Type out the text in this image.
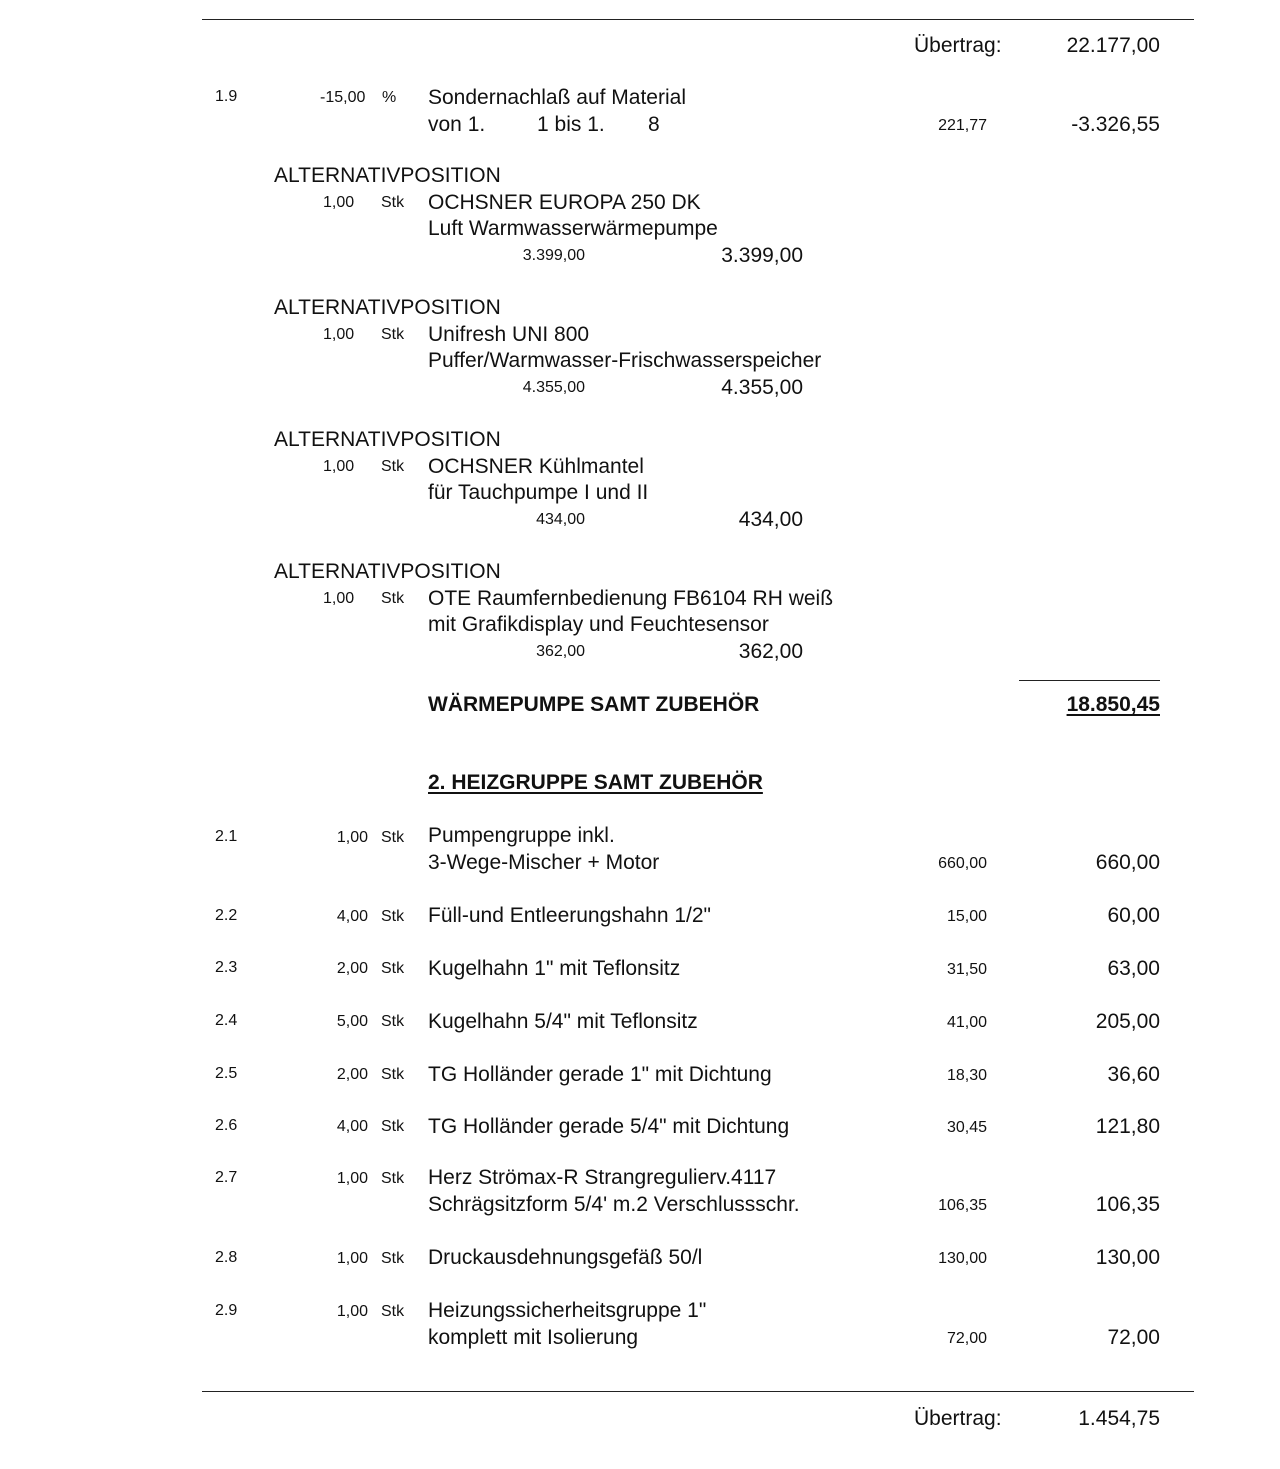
Übertrag:	22.177,00
1.9	-15,00 % Sondernachlaß auf Material
von 1. 1 bis 1. 8	221,77	-3.326,55
ALTERNATIVPOSITION
1,00 Stk OCHSNER EUROPA 250 DK
Luft Warmwasserwärmepumpe
3.399,00	3.399,00
ALTERNATIVPOSITION
1,00 Stk Unifresh UNI 800
Puffer/Warmwasser-Frischwasserspeicher
4.355,00	4.355,00
ALTERNATIVPOSITION
1,00 Stk OCHSNER Kühlmantel
für Tauchpumpe I und II
434,00	434,00
ALTERNATIVPOSITION
1,00 Stk OTE Raumfernbedienung FB6104 RH weiß
mit Grafikdisplay und Feuchtesensor
362,00	362,00
WÄRMEPUMPE SAMT ZUBEHÖR	18.850,45
2. HEIZGRUPPE SAMT ZUBEHÖR
2.1	1,00 Stk Pumpengruppe inkl.
3-Wege-Mischer + Motor	660,00	660,00
2.2	4,00 Stk Füll-und Entleerungshahn 1/2"	15,00	60,00
2.3	2,00 Stk Kugelhahn 1" mit Teflonsitz	31,50	63,00
2.4	5,00 Stk Kugelhahn 5/4" mit Teflonsitz	41,00	205,00
2.5	2,00 Stk TG Holländer gerade 1" mit Dichtung	18,30	36,60
2.6	4,00 Stk TG Holländer gerade 5/4" mit Dichtung	30,45	121,80
2.7	1,00 Stk Herz Strömax-R Strangregulierv.4117
Schrägsitzform 5/4' m.2 Verschlussschr.	106,35	106,35
2.8	1,00 Stk Druckausdehnungsgefäß 50/l	130,00	130,00
2.9	1,00 Stk Heizungssicherheitsgruppe 1"
komplett mit Isolierung	72,00	72,00
Übertrag:	1.454,75
